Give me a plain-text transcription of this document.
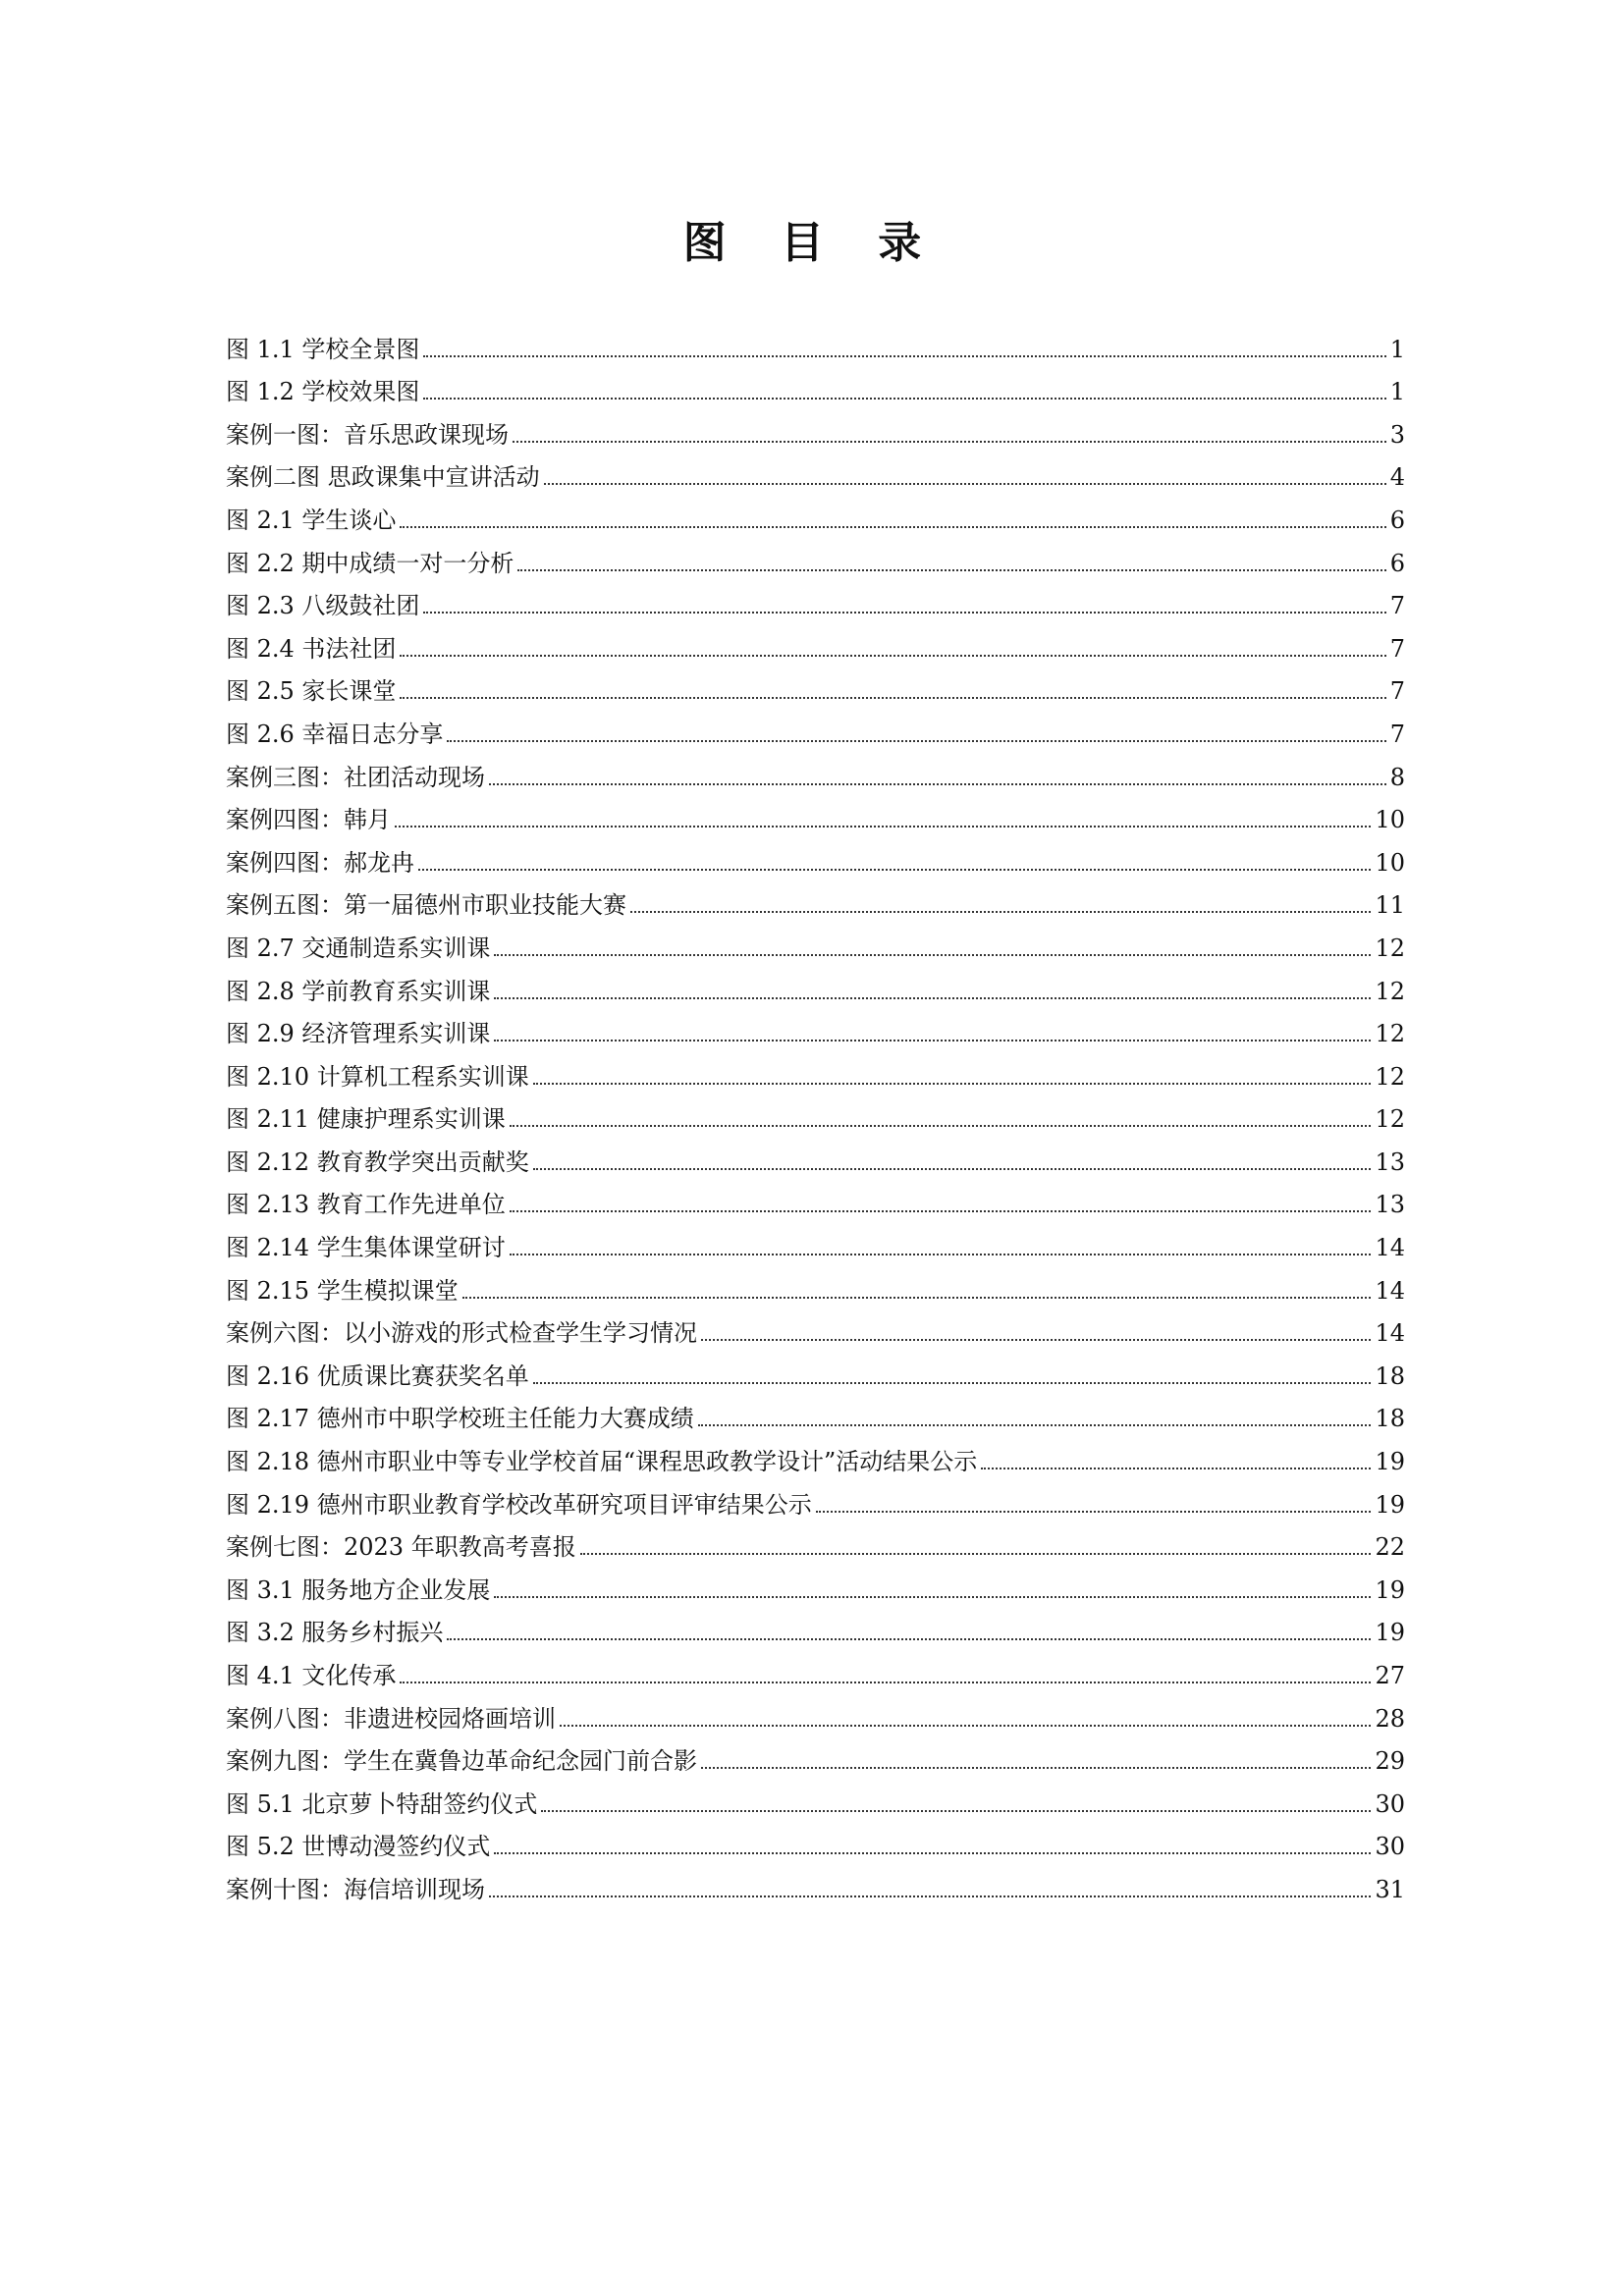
图 目 录
图 1.1 学校全景图	1
图 1.2 学校效果图	1
案例一图：音乐思政课现场	3
案例二图 思政课集中宣讲活动	4
图 2.1 学生谈心	6
图 2.2 期中成绩一对一分析	6
图 2.3 八级鼓社团	7
图 2.4 书法社团	7
图 2.5 家长课堂	7
图 2.6 幸福日志分享	7
案例三图：社团活动现场	8
案例四图：韩月	10
案例四图：郝龙冉	10
案例五图：第一届德州市职业技能大赛	11
图 2.7 交通制造系实训课	12
图 2.8 学前教育系实训课	12
图 2.9 经济管理系实训课	12
图 2.10 计算机工程系实训课	12
图 2.11 健康护理系实训课	12
图 2.12 教育教学突出贡献奖	13
图 2.13 教育工作先进单位	13
图 2.14 学生集体课堂研讨	14
图 2.15 学生模拟课堂	14
案例六图：以小游戏的形式检查学生学习情况	14
图 2.16 优质课比赛获奖名单	18
图 2.17 德州市中职学校班主任能力大赛成绩	18
图 2.18 德州市职业中等专业学校首届“课程思政教学设计”活动结果公示	19
图 2.19 德州市职业教育学校改革研究项目评审结果公示	19
案例七图：2023 年职教高考喜报	22
图 3.1 服务地方企业发展	19
图 3.2 服务乡村振兴	19
图 4.1 文化传承	27
案例八图：非遗进校园烙画培训	28
案例九图：学生在冀鲁边革命纪念园门前合影	29
图 5.1 北京萝卜特甜签约仪式	30
图 5.2 世博动漫签约仪式	30
案例十图：海信培训现场	31
